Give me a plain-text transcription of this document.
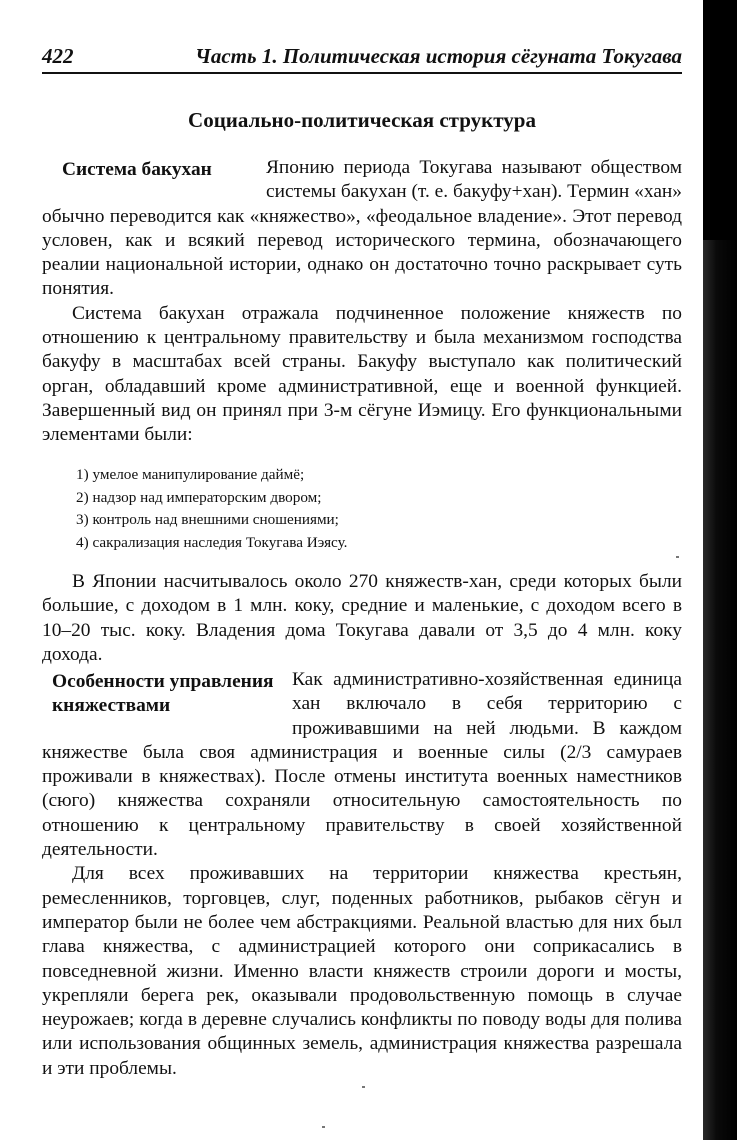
422	Часть 1. Политическая история сёгуната Токугава
Социально-политическая структура
Система бакухан	Японию периода Токугава называют обществом системы бакухан (т. е. бакуфу+хан). Термин «хан» обычно переводится как «княжество», «феодальное владение». Этот перевод условен, как и всякий перевод исторического термина, обозначающего реалии национальной истории, однако он достаточно точно раскрывает суть понятия.

Система бакухан отражала подчиненное положение княжеств по отношению к центральному правительству и была механизмом господства бакуфу в масштабах всей страны. Бакуфу выступало как политический орган, обладавший кроме административной, еще и военной функцией. Завершенный вид он принял при 3-м сёгуне Иэмицу. Его функциональными элементами были:

1) умелое манипулирование даймё;
2) надзор над императорским двором;
3) контроль над внешними сношениями;
4) сакрализация наследия Токугава Иэясу.

В Японии насчитывалось около 270 княжеств-хан, среди которых были большие, с доходом в 1 млн. коку, средние и маленькие, с доходом всего в 10–20 тыс. коку. Владения дома Токугава давали от 3,5 до 4 млн. коку дохода.

Особенности управления княжествами

Как административно-хозяйственная единица хан включало в себя территорию с проживавшими на ней людьми. В каждом княжестве была своя администрация и военные силы (2/3 самураев проживали в княжествах). После отмены института военных наместников (сюго) княжества сохраняли относительную самостоятельность по отношению к центральному правительству в своей хозяйственной деятельности.

Для всех проживавших на территории княжества крестьян, ремесленников, торговцев, слуг, поденных работников, рыбаков сёгун и император были не более чем абстракциями. Реальной властью для них был глава княжества, с администрацией которого они соприкасались в повседневной жизни. Именно власти княжеств строили дороги и мосты, укрепляли берега рек, оказывали продовольственную помощь в случае неурожаев; когда в деревне случались конфликты по поводу воды для полива или использования общинных земель, администрация княжества разрешала и эти проблемы.
